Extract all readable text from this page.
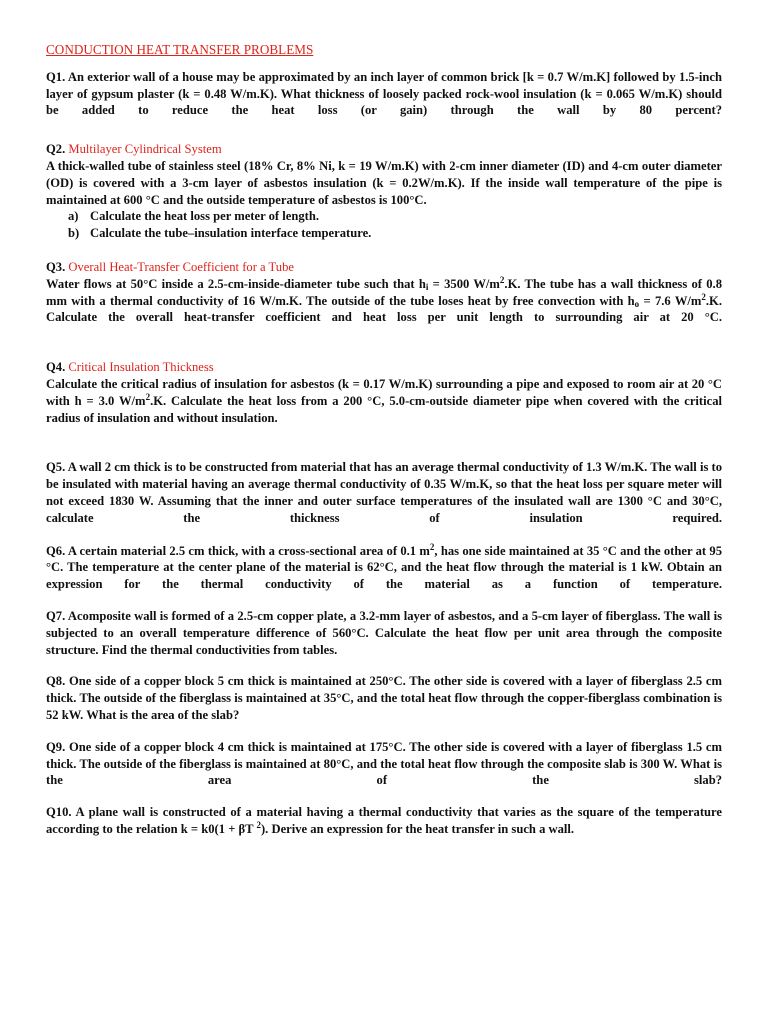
CONDUCTION HEAT TRANSFER PROBLEMS

Q1. An exterior wall of a house may be approximated by an inch layer of common brick [k = 0.7 W/m.K] followed by 1.5-inch layer of gypsum plaster (k = 0.48 W/m.K). What thickness of loosely packed rock-wool insulation (k = 0.065 W/m.K) should be added to reduce the heat loss (or gain) through the wall by 80 percent?

Q2. Multilayer Cylindrical System

A thick-walled tube of stainless steel (18% Cr, 8% Ni, k = 19 W/m.K) with 2-cm inner diameter (ID) and 4-cm outer diameter (OD) is covered with a 3-cm layer of asbestos insulation (k = 0.2W/m.K). If the inside wall temperature of the pipe is maintained at 600 °C and the outside temperature of asbestos is 100°C.

a) Calculate the heat loss per meter of length.
b) Calculate the tube–insulation interface temperature.

Q3. Overall Heat-Transfer Coefficient for a Tube

Water flows at 50°C inside a 2.5-cm-inside-diameter tube such that $h_i = 3500$ $W/m^2.K$. The tube has a wall thickness of 0.8 mm with a thermal conductivity of 16 W/m.K. The outside of the tube loses heat by free convection with $h_o = 7.6$ $W/m^2.K$. Calculate the overall heat-transfer coefficient and heat loss per unit length to surrounding air at 20 °C.

Q4. Critical Insulation Thickness

Calculate the critical radius of insulation for asbestos (k = 0.17 W/m.K) surrounding a pipe and exposed to room air at 20 °C with h = 3.0 $W/m^2.K$. Calculate the heat loss from a 200 °C, 5.0-cm-outside diameter pipe when covered with the critical radius of insulation and without insulation.

Q5. A wall 2 cm thick is to be constructed from material that has an average thermal conductivity of 1.3 W/m.K. The wall is to be insulated with material having an average thermal conductivity of 0.35 W/m.K, so that the heat loss per square meter will not exceed 1830 W. Assuming that the inner and outer surface temperatures of the insulated wall are 1300 °C and 30°C, calculate the thickness of insulation required.

Q6. A certain material 2.5 cm thick, with a cross-sectional area of 0.1 $m^2$, has one side maintained at 35 °C and the other at 95 °C. The temperature at the center plane of the material is 62°C, and the heat flow through the material is 1 kW. Obtain an expression for the thermal conductivity of the material as a function of temperature.

Q7. Acomposite wall is formed of a 2.5-cm copper plate, a 3.2-mm layer of asbestos, and a 5-cm layer of fiberglass. The wall is subjected to an overall temperature difference of 560°C. Calculate the heat flow per unit area through the composite structure. Find the thermal conductivities from tables.

Q8. One side of a copper block 5 cm thick is maintained at 250°C. The other side is covered with a layer of fiberglass 2.5 cm thick. The outside of the fiberglass is maintained at 35°C, and the total heat flow through the copper-fiberglass combination is 52 kW. What is the area of the slab?

Q9. One side of a copper block 4 cm thick is maintained at 175°C. The other side is covered with a layer of fiberglass 1.5 cm thick. The outside of the fiberglass is maintained at 80°C, and the total heat flow through the composite slab is 300 W. What is the area of the slab?

Q10. A plane wall is constructed of a material having a thermal conductivity that varies as the square of the temperature according to the relation k = k0(1 + βT $^2$). Derive an expression for the heat transfer in such a wall.
